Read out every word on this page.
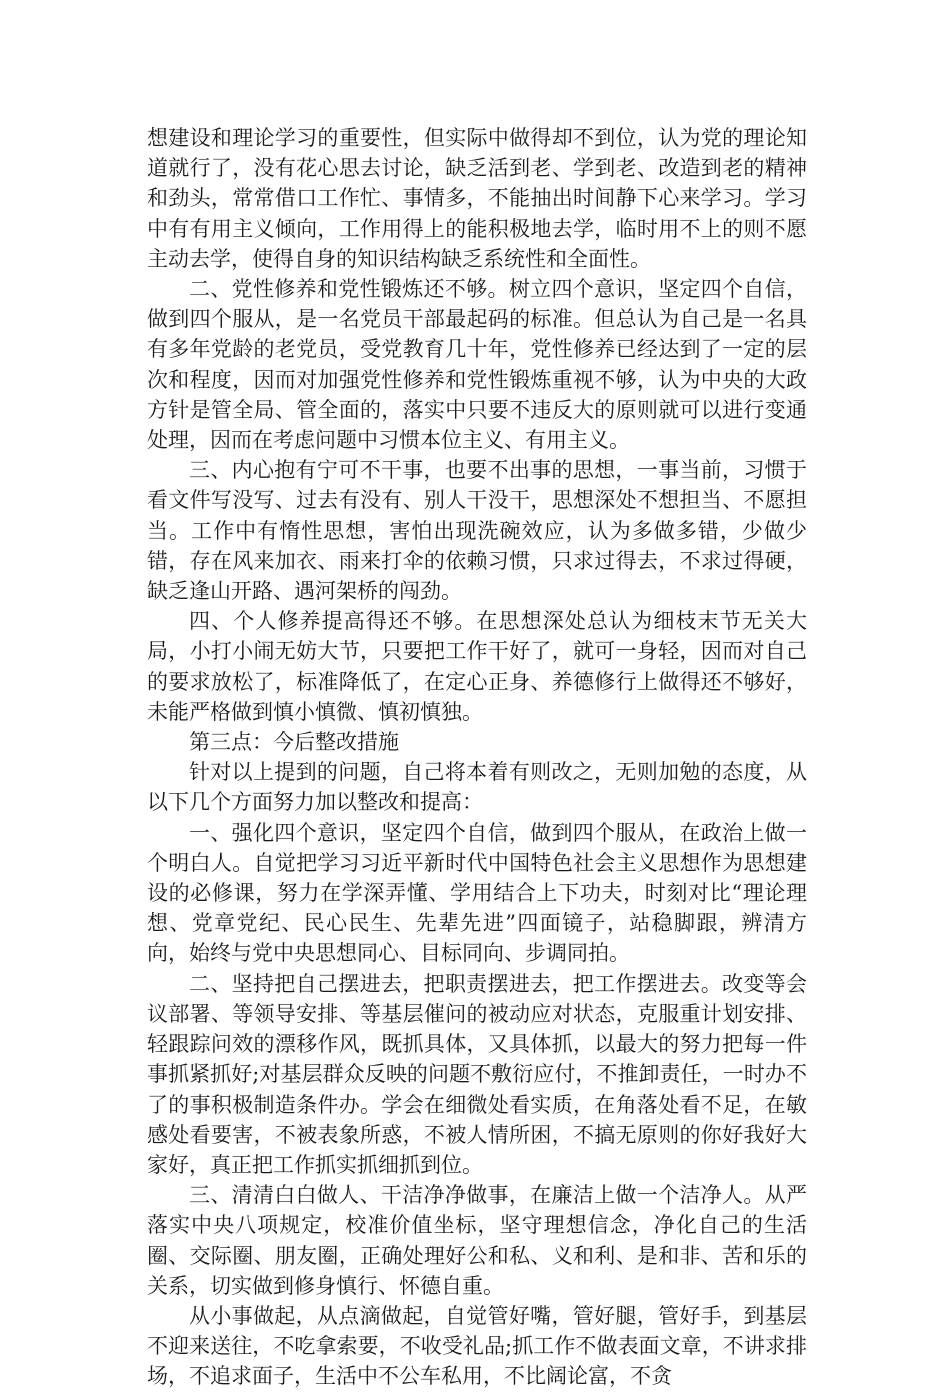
想建设和理论学习的重要性，但实际中做得却不到位，认为党的理论知道就行了，没有花心思去讨论，缺乏活到老、学到老、改造到老的精神和劲头，常常借口工作忙、事情多，不能抽出时间静下心来学习。学习中有有用主义倾向，工作用得上的能积极地去学，临时用不上的则不愿主动去学，使得自身的知识结构缺乏系统性和全面性。

二、党性修养和党性锻炼还不够。树立四个意识，坚定四个自信，做到四个服从，是一名党员干部最起码的标准。但总认为自己是一名具有多年党龄的老党员，受党教育几十年，党性修养已经达到了一定的层次和程度，因而对加强党性修养和党性锻炼重视不够，认为中央的大政方针是管全局、管全面的，落实中只要不违反大的原则就可以进行变通处理，因而在考虑问题中习惯本位主义、有用主义。

三、内心抱有宁可不干事，也要不出事的思想，一事当前，习惯于看文件写没写、过去有没有、别人干没干，思想深处不想担当、不愿担当。工作中有惰性思想，害怕出现洗碗效应，认为多做多错，少做少错，存在风来加衣、雨来打伞的依赖习惯，只求过得去，不求过得硬，缺乏逢山开路、遇河架桥的闯劲。

四、个人修养提高得还不够。在思想深处总认为细枝末节无关大局，小打小闹无妨大节，只要把工作干好了，就可一身轻，因而对自己的要求放松了，标准降低了，在定心正身、养德修行上做得还不够好，未能严格做到慎小慎微、慎初慎独。

第三点：今后整改措施

针对以上提到的问题，自己将本着有则改之，无则加勉的态度，从以下几个方面努力加以整改和提高：

一、强化四个意识，坚定四个自信，做到四个服从，在政治上做一个明白人。自觉把学习习近平新时代中国特色社会主义思想作为思想建设的必修课，努力在学深弄懂、学用结合上下功夫，时刻对比“理论理想、党章党纪、民心民生、先辈先进”四面镜子，站稳脚跟，辨清方向，始终与党中央思想同心、目标同向、步调同拍。

二、坚持把自己摆进去，把职责摆进去，把工作摆进去。改变等会议部署、等领导安排、等基层催问的被动应对状态，克服重计划安排、轻跟踪问效的漂移作风，既抓具体，又具体抓，以最大的努力把每一件事抓紧抓好;对基层群众反映的问题不敷衍应付，不推卸责任，一时办不了的事积极制造条件办。学会在细微处看实质，在角落处看不足，在敏感处看要害，不被表象所惑，不被人情所困，不搞无原则的你好我好大家好，真正把工作抓实抓细抓到位。

三、清清白白做人、干洁净净做事，在廉洁上做一个洁净人。从严落实中央八项规定，校准价值坐标，坚守理想信念，净化自己的生活圈、交际圈、朋友圈，正确处理好公和私、义和利、是和非、苦和乐的关系，切实做到修身慎行、怀德自重。

从小事做起，从点滴做起，自觉管好嘴，管好腿，管好手，到基层不迎来送往，不吃拿索要，不收受礼品;抓工作不做表面文章，不讲求排场，不追求面子，生活中不公车私用，不比阔论富，不贪
